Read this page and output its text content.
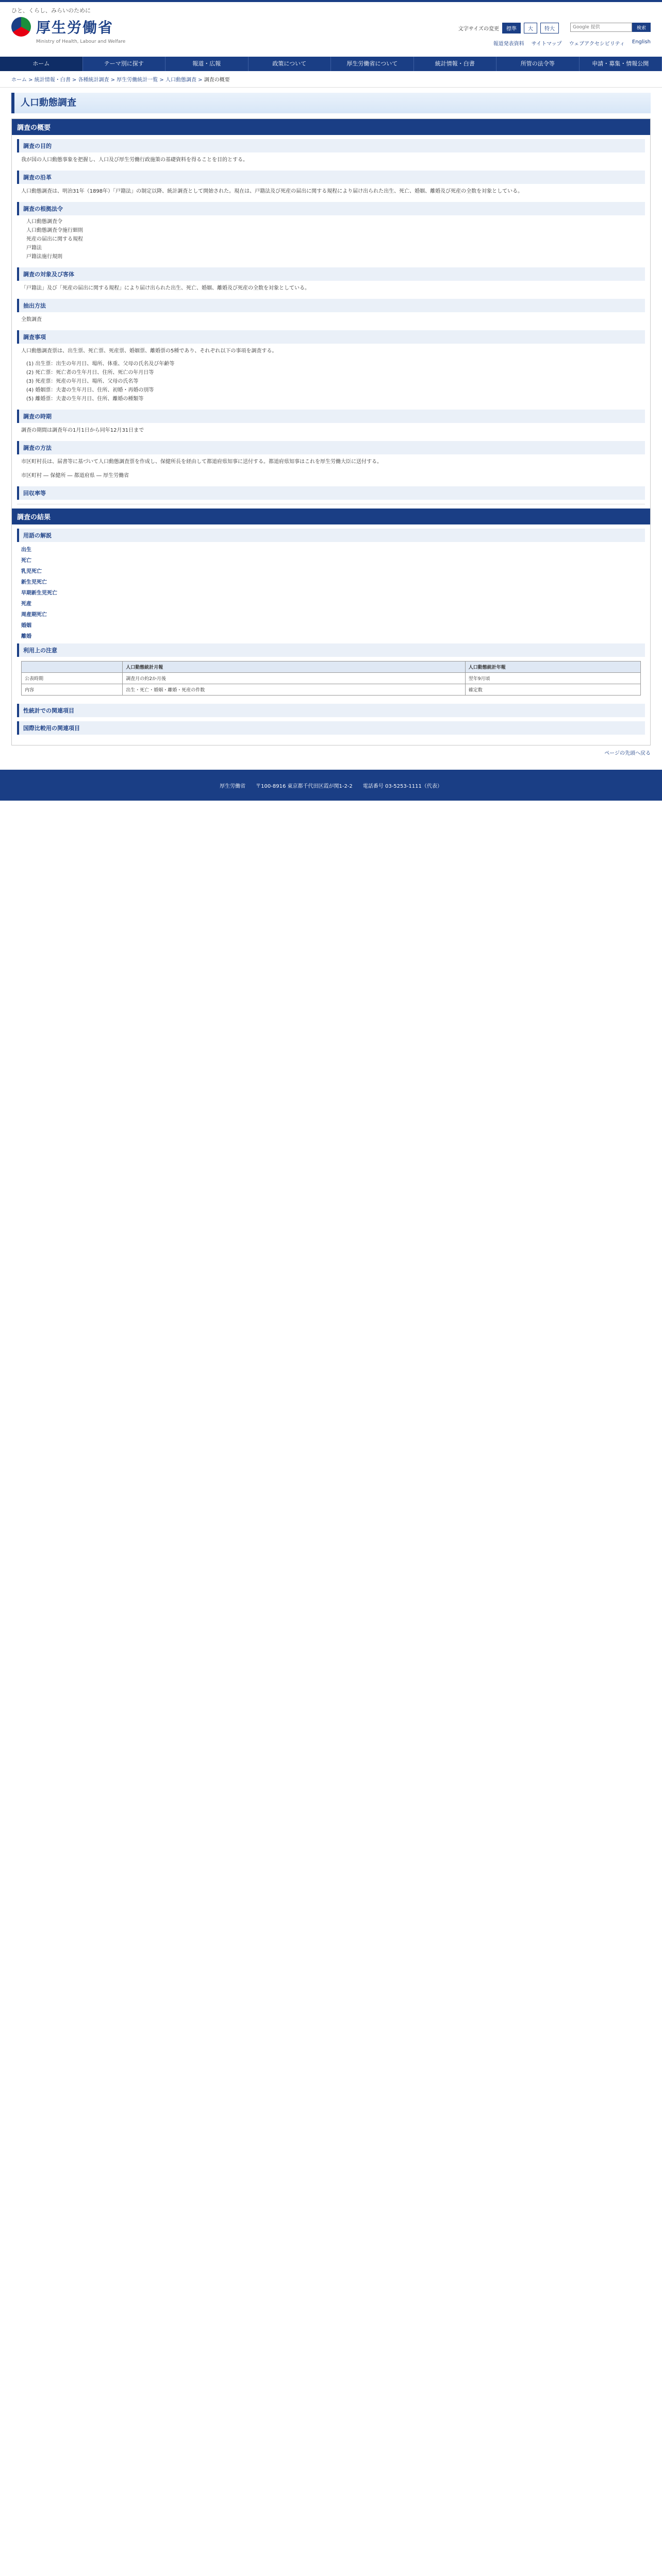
ひと、くらし、みらいのために
厚生労働省
Ministry of Health, Labour and Welfare
文字サイズの変更	標準	大	特大
Google 提供	検索
報道発表資料 サイトマップ ウェブアクセシビリティ English
ホーム	テーマ別に探す	報道・広報	政策について	厚生労働省について	統計情報・白書	所管の法令等	申請・募集・情報公開
ホーム > 統計情報・白書 > 各種統計調査 > 厚生労働統計一覧 > 人口動態調査 > 調査の概要
人口動態調査
調査の概要
調査の目的
我が国の人口動態事象を把握し、人口及び厚生労働行政施策の基礎資料を得ることを目的とする。
調査の沿革
人口動態調査は、明治31年（1898年）「戸籍法」の制定以降、統計調査として開始された。現在は、戸籍法及び死産の届出に関する規程により届け出られた出生、死亡、婚姻、離婚及び死産の全数を対象としている。
調査の根拠法令
人口動態調査令
人口動態調査令施行細則
死産の届出に関する規程
戸籍法
戸籍法施行規則
調査の対象及び客体
「戸籍法」及び「死産の届出に関する規程」により届け出られた出生、死亡、婚姻、離婚及び死産の全数を対象としている。
抽出方法
全数調査
調査事項
人口動態調査票は、出生票、死亡票、死産票、婚姻票、離婚票の5種であり、それぞれ以下の事項を調査する。
(1) 出生票：出生の年月日、場所、体重、父母の氏名及び年齢等
(2) 死亡票：死亡者の生年月日、住所、死亡の年月日等
(3) 死産票：死産の年月日、場所、父母の氏名等
(4) 婚姻票：夫妻の生年月日、住所、初婚・再婚の別等
(5) 離婚票：夫妻の生年月日、住所、離婚の種類等
調査の時期
調査の期間は調査年の1月1日から同年12月31日まで
調査の方法
市区町村長は、届書等に基づいて人口動態調査票を作成し、保健所長を経由して都道府県知事に送付する。都道府県知事はこれを厚生労働大臣に送付する。
市区町村 ― 保健所 ― 都道府県 ― 厚生労働省
回収率等
調査の結果
用語の解説
出生
死亡
乳児死亡
新生児死亡
早期新生児死亡
死産
周産期死亡
婚姻
離婚
利用上の注意
	人口動態統計月報	人口動態統計年報
公表時期	調査月の約2か月後	翌年9月頃
内容	出生・死亡・婚姻・離婚・死産の件数	確定数
性統計での関連項目
国際比較用の関連項目
ページの先頭へ戻る
厚生労働省 〒100-8916 東京都千代田区霞が関1-2-2 電話番号 03-5253-1111（代表）
